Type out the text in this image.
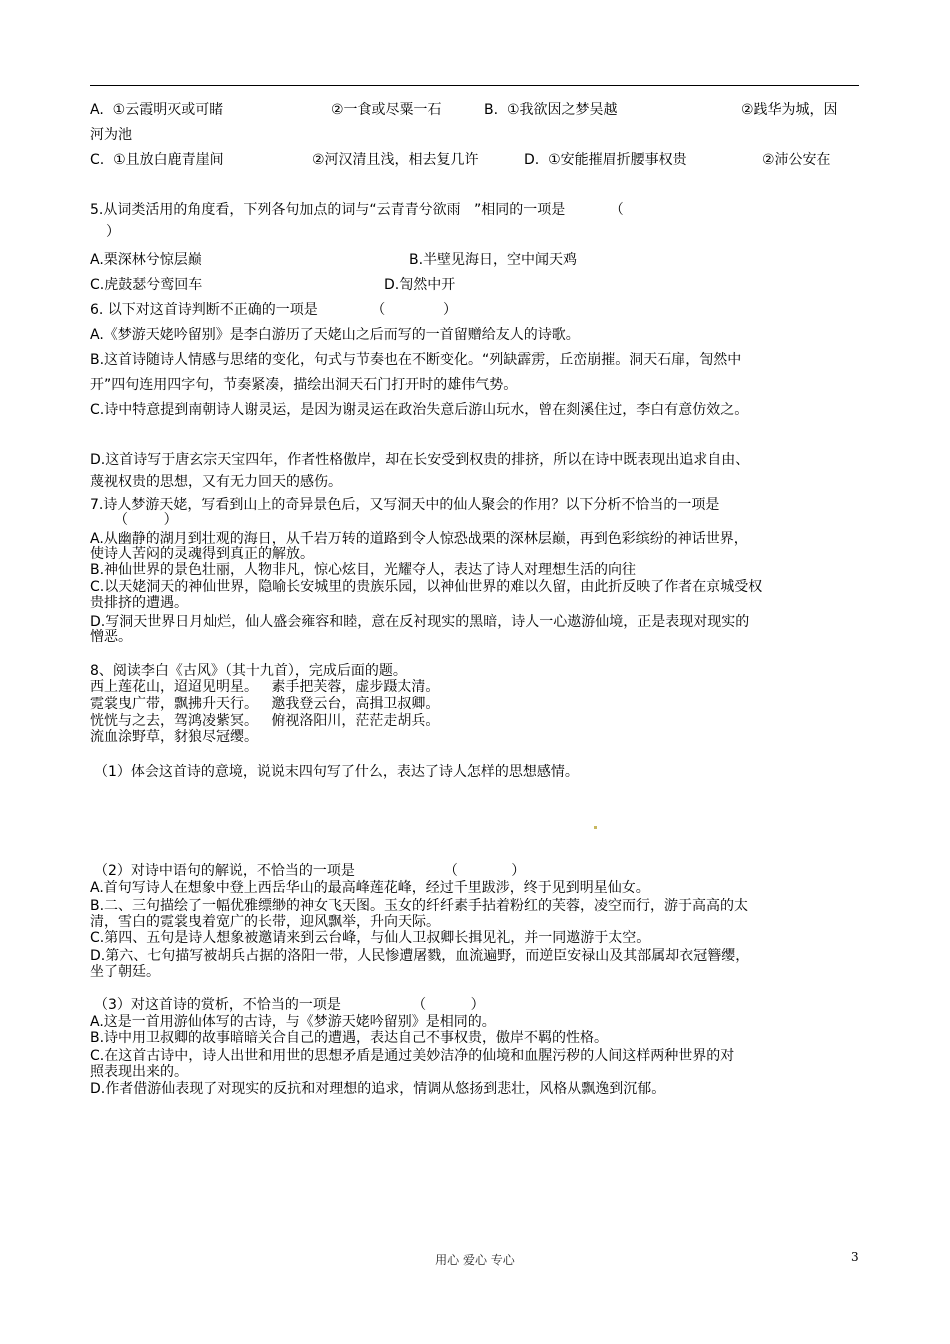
A.  ①云霞明灭或可睹	②一食或尽粟一石	B.  ①我欲因之梦吴越	②践华为城，因
河为池
C.  ①且放白鹿青崖间	②河汉清且浅，相去复几许	D.  ①安能摧眉折腰事权贵	②沛公安在
5.从词类活用的角度看，下列各句加点的词与“云青青兮欲雨   ”相同的一项是          （
）
A.栗深林兮惊层巅	B.半壁见海日，空中闻天鸡
C.虎鼓瑟兮鸾回车	D.訇然中开
6. 以下对这首诗判断不正确的一项是            （             ）
A.《梦游天姥吟留别》是李白游历了天姥山之后而写的一首留赠给友人的诗歌。
B.这首诗随诗人情感与思绪的变化，句式与节奏也在不断变化。“列缺霹雳，丘峦崩摧。洞天石扉，訇然中
开”四句连用四字句，节奏紧凑，描绘出洞天石门打开时的雄伟气势。
C.诗中特意提到南朝诗人谢灵运，是因为谢灵运在政治失意后游山玩水，曾在剡溪住过，李白有意仿效之。
D.这首诗写于唐玄宗天宝四年，作者性格傲岸，却在长安受到权贵的排挤，所以在诗中既表现出追求自由、
蔑视权贵的思想，又有无力回天的感伤。
7.诗人梦游天姥，写看到山上的奇异景色后，又写洞天中的仙人聚会的作用？以下分析不恰当的一项是
（        ）
A.从幽静的湖月到壮观的海日，从千岩万转的道路到令人惊恐战栗的深林层巅，再到色彩缤纷的神话世界，
使诗人苦闷的灵魂得到真正的解放。
B.神仙世界的景色壮丽，人物非凡，惊心炫目，光耀夺人，表达了诗人对理想生活的向往
C.以天姥洞天的神仙世界，隐喻长安城里的贵族乐园，以神仙世界的难以久留，由此折反映了作者在京城受权
贵排挤的遭遇。
D.写洞天世界日月灿烂，仙人盛会雍容和睦，意在反衬现实的黑暗，诗人一心遨游仙境，正是表现对现实的
憎恶。
8、阅读李白《古风》（其十九首），完成后面的题。
西上莲花山，迢迢见明星。   素手把芙蓉，虚步蹑太清。
霓裳曳广带，飘拂升天行。   邀我登云台，高揖卫叔卿。
恍恍与之去，驾鸿凌紫冥。   俯视洛阳川，茫茫走胡兵。
流血涂野草，豺狼尽冠缨。
（1）体会这首诗的意境，说说末四句写了什么，表达了诗人怎样的思想感情。
（2）对诗中语句的解说，不恰当的一项是                    （            ）
A.首句写诗人在想象中登上西岳华山的最高峰莲花峰，经过千里跋涉，终于见到明星仙女。
B.二、三句描绘了一幅优雅缥缈的神女飞天图。玉女的纤纤素手拈着粉红的芙蓉，凌空而行，游于高高的太
清，雪白的霓裳曳着宽广的长带，迎风飘举，升向天际。
C.第四、五句是诗人想象被邀请来到云台峰，与仙人卫叔卿长揖见礼，并一同遨游于太空。
D.第六、七句描写被胡兵占据的洛阳一带，人民惨遭屠戮，血流遍野，而逆臣安禄山及其部属却衣冠簪缨，
坐了朝廷。
（3）对这首诗的赏析，不恰当的一项是                （          ）
A.这是一首用游仙体写的古诗，与《梦游天姥吟留别》是相同的。
B.诗中用卫叔卿的故事暗暗关合自己的遭遇，表达自己不事权贵，傲岸不羁的性格。
C.在这首古诗中，诗人出世和用世的思想矛盾是通过美妙洁净的仙境和血腥污秽的人间这样两种世界的对
照表现出来的。
D.作者借游仙表现了对现实的反抗和对理想的追求，情调从悠扬到悲壮，风格从飘逸到沉郁。
用心 爱心 专心	3
